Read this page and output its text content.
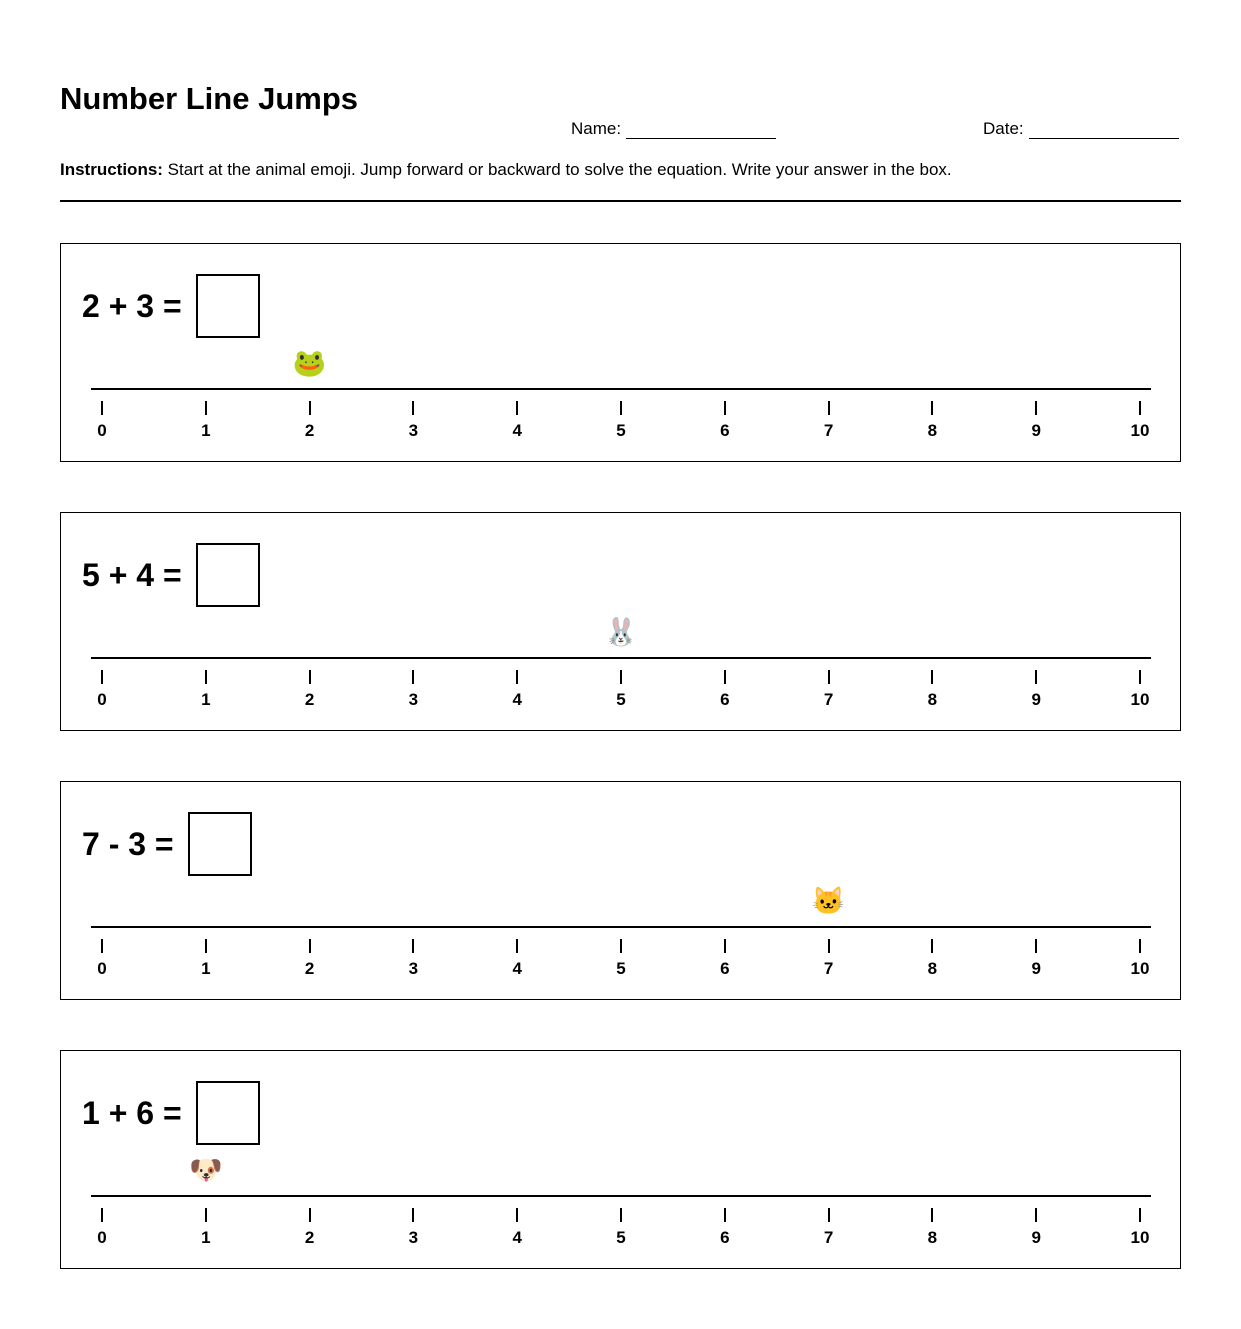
Number Line Jumps
Name:	Date:
Instructions: Start at the animal emoji. Jump forward or backward to solve the equation. Write your answer in the box.
2 + 3 =
🐸
0	1	2	3	4	5	6	7	8	9	10
5 + 4 =
🐰
0	1	2	3	4	5	6	7	8	9	10
7 - 3 =
🐱
0	1	2	3	4	5	6	7	8	9	10
1 + 6 =
🐶
0	1	2	3	4	5	6	7	8	9	10
